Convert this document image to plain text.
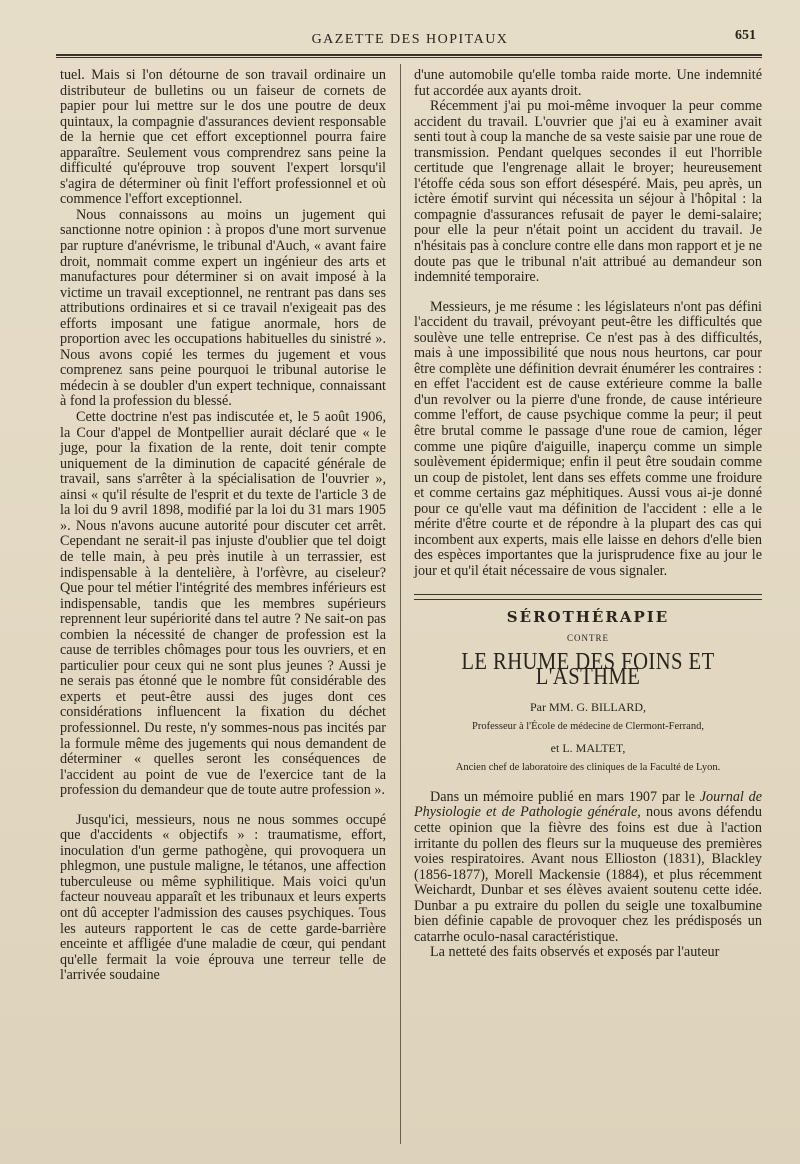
GAZETTE DES HOPITAUX	651

tuel. Mais si l'on détourne de son travail ordinaire un distributeur de bulletins ou un faiseur de cornets de papier pour lui mettre sur le dos une poutre de deux quintaux, la compagnie d'assurances devient responsable de la hernie que cet effort exceptionnel pourra faire apparaître. Seulement vous comprendrez sans peine la difficulté qu'éprouve trop souvent l'expert lorsqu'il s'agira de déterminer où finit l'effort professionnel et où commence l'effort exceptionnel.

Nous connaissons au moins un jugement qui sanctionne notre opinion : à propos d'une mort survenue par rupture d'anévrisme, le tribunal d'Auch, « avant faire droit, nommait comme expert un ingénieur des arts et manufactures pour déterminer si on avait imposé à la victime un travail exceptionnel, ne rentrant pas dans ses attributions ordinaires et si ce travail n'exigeait pas des efforts imposant une fatigue anormale, hors de proportion avec les occupations habituelles du sinistré ». Nous avons copié les termes du jugement et vous comprenez sans peine pourquoi le tribunal autorise le médecin à se doubler d'un expert technique, connaissant à fond la profession du blessé.

Cette doctrine n'est pas indiscutée et, le 5 août 1906, la Cour d'appel de Montpellier aurait déclaré que « le juge, pour la fixation de la rente, doit tenir compte uniquement de la diminution de capacité générale de travail, sans s'arrêter à la spécialisation de l'ouvrier », ainsi « qu'il résulte de l'esprit et du texte de l'article 3 de la loi du 9 avril 1898, modifié par la loi du 31 mars 1905 ». Nous n'avons aucune autorité pour discuter cet arrêt. Cependant ne serait-il pas injuste d'oublier que tel doigt de telle main, à peu près inutile à un terrassier, est indispensable à la dentelière, à l'orfèvre, au ciseleur? Que pour tel métier l'intégrité des membres inférieurs est indispensable, tandis que les membres supérieurs reprennent leur supériorité dans tel autre ? Ne sait-on pas combien la nécessité de changer de profession est la cause de terribles chômages pour tous les ouvriers, et en particulier pour ceux qui ne sont plus jeunes ? Aussi je ne serais pas étonné que le nombre fût considérable des experts et peut-être aussi des juges dont ces considérations influencent la fixation du déchet professionnel. Du reste, n'y sommes-nous pas incités par la formule même des jugements qui nous demandent de déterminer « quelles seront les conséquences de l'accident au point de vue de l'exercice tant de la profession du demandeur que de toute autre profession ».

Jusqu'ici, messieurs, nous ne nous sommes occupé que d'accidents « objectifs » : traumatisme, effort, inoculation d'un germe pathogène, qui provoquera un phlegmon, une pustule maligne, le tétanos, une affection tuberculeuse ou même syphilitique. Mais voici qu'un facteur nouveau apparaît et les tribunaux et leurs experts ont dû accepter l'admission des causes psychiques. Tous les auteurs rapportent le cas de cette garde-barrière enceinte et affligée d'une maladie de cœur, qui pendant qu'elle fermait la voie éprouva une terreur telle de l'arrivée soudaine

d'une automobile qu'elle tomba raide morte. Une indemnité fut accordée aux ayants droit.

Récemment j'ai pu moi-même invoquer la peur comme accident du travail. L'ouvrier que j'ai eu à examiner avait senti tout à coup la manche de sa veste saisie par une roue de transmission. Pendant quelques secondes il eut l'horrible certitude que l'engrenage allait le broyer; heureusement l'étoffe céda sous son effort désespéré. Mais, peu après, un ictère émotif survint qui nécessita un séjour à l'hôpital : la compagnie d'assurances refusait de payer le demi-salaire; pour elle la peur n'était point un accident du travail. Je n'hésitais pas à conclure contre elle dans mon rapport et je ne doute pas que le tribunal n'ait attribué au demandeur son indemnité temporaire.

Messieurs, je me résume : les législateurs n'ont pas défini l'accident du travail, prévoyant peut-être les difficultés que soulève une telle entreprise. Ce n'est pas à des difficultés, mais à une impossibilité que nous nous heurtons, car pour être complète une définition devrait énumérer les contraires : en effet l'accident est de cause extérieure comme la balle d'un revolver ou la pierre d'une fronde, de cause intérieure comme l'effort, de cause psychique comme la peur; il peut être brutal comme le passage d'une roue de camion, léger comme une piqûre d'aiguille, inaperçu comme un simple soulèvement épidermique; enfin il peut être soudain comme un coup de pistolet, lent dans ses effets comme une froidure et comme certains gaz méphitiques. Aussi vous ai-je donné pour ce qu'elle vaut ma définition de l'accident : elle a le mérite d'être courte et de répondre à la plupart des cas qui incombent aux experts, mais elle laisse en dehors d'elle bien des espèces importantes que la jurisprudence fixe au jour le jour et qu'il était nécessaire de vous signaler.

SÉROTHÉRAPIE
CONTRE
LE RHUME DES FOINS ET L'ASTHME
Par MM. G. BILLARD,
Professeur à l'École de médecine de Clermont-Ferrand,
et L. MALTET,
Ancien chef de laboratoire des cliniques de la Faculté de Lyon.

Dans un mémoire publié en mars 1907 par le Journal de Physiologie et de Pathologie générale, nous avons défendu cette opinion que la fièvre des foins est due à l'action irritante du pollen des fleurs sur la muqueuse des premières voies respiratoires. Avant nous Ellioston (1831), Blackley (1856-1877), Morell Mackensie (1884), et plus récemment Weichardt, Dunbar et ses élèves avaient soutenu cette idée. Dunbar a pu extraire du pollen du seigle une toxalbumine bien définie capable de provoquer chez les prédisposés un catarrhe oculo-nasal caractéristique.

La netteté des faits observés et exposés par l'auteur
